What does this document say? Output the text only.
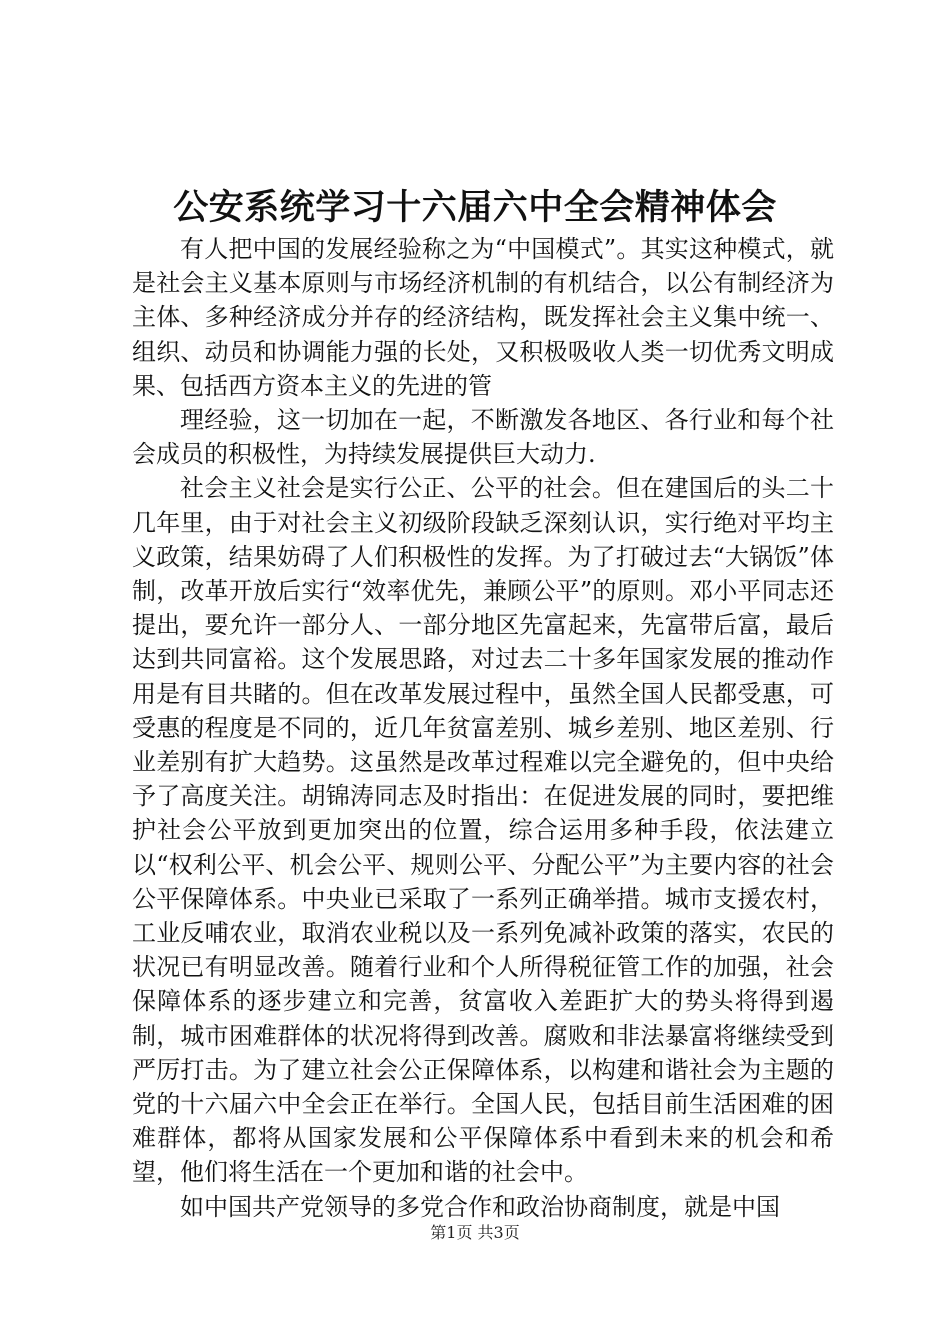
公安系统学习十六届六中全会精神体会

有人把中国的发展经验称之为“中国模式”。其实这种模式，就是社会主义基本原则与市场经济机制的有机结合，以公有制经济为主体、多种经济成分并存的经济结构，既发挥社会主义集中统一、组织、动员和协调能力强的长处，又积极吸收人类一切优秀文明成果、包括西方资本主义的先进的管

理经验，这一切加在一起，不断激发各地区、各行业和每个社会成员的积极性，为持续发展提供巨大动力.

社会主义社会是实行公正、公平的社会。但在建国后的头二十几年里，由于对社会主义初级阶段缺乏深刻认识，实行绝对平均主义政策，结果妨碍了人们积极性的发挥。为了打破过去“大锅饭”体制，改革开放后实行“效率优先，兼顾公平”的原则。邓小平同志还提出，要允许一部分人、一部分地区先富起来，先富带后富，最后达到共同富裕。这个发展思路，对过去二十多年国家发展的推动作用是有目共睹的。但在改革发展过程中，虽然全国人民都受惠，可受惠的程度是不同的，近几年贫富差别、城乡差别、地区差别、行业差别有扩大趋势。这虽然是改革过程难以完全避免的，但中央给予了高度关注。胡锦涛同志及时指出：在促进发展的同时，要把维护社会公平放到更加突出的位置，综合运用多种手段，依法建立以“权利公平、机会公平、规则公平、分配公平”为主要内容的社会公平保障体系。中央业已采取了一系列正确举措。城市支援农村，工业反哺农业，取消农业税以及一系列免减补政策的落实，农民的状况已有明显改善。随着行业和个人所得税征管工作的加强，社会保障体系的逐步建立和完善，贫富收入差距扩大的势头将得到遏制，城市困难群体的状况将得到改善。腐败和非法暴富将继续受到严厉打击。为了建立社会公正保障体系，以构建和谐社会为主题的党的十六届六中全会正在举行。全国人民，包括目前生活困难的困难群体，都将从国家发展和公平保障体系中看到未来的机会和希望，他们将生活在一个更加和谐的社会中。

如中国共产党领导的多党合作和政治协商制度，就是中国

第1页 共3页
